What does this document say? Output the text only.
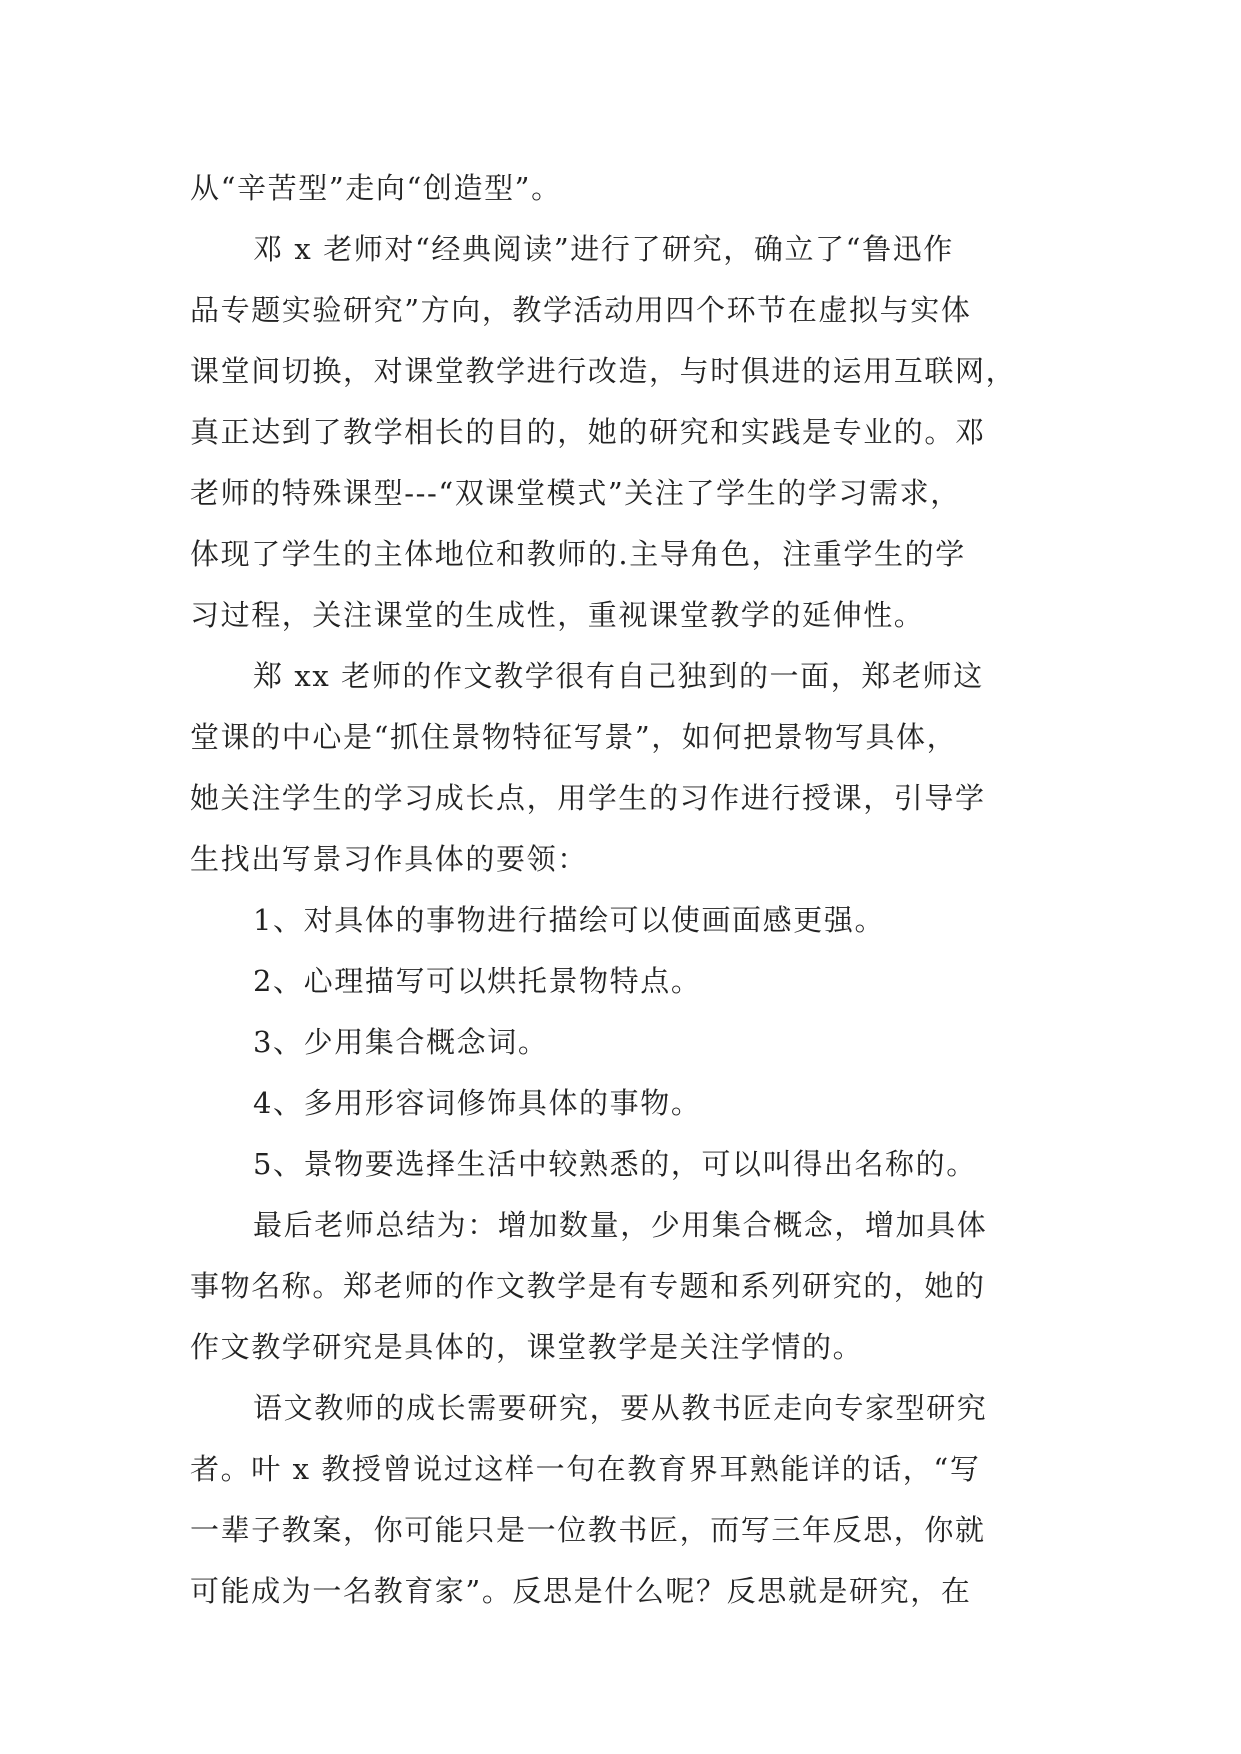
从“辛苦型”走向“创造型”。
邓 x 老师对“经典阅读”进行了研究，确立了“鲁迅作
品专题实验研究”方向，教学活动用四个环节在虚拟与实体
课堂间切换，对课堂教学进行改造，与时俱进的运用互联网，
真正达到了教学相长的目的，她的研究和实践是专业的。邓
老师的特殊课型---“双课堂模式”关注了学生的学习需求，
体现了学生的主体地位和教师的.主导角色，注重学生的学
习过程，关注课堂的生成性，重视课堂教学的延伸性。
郑 xx 老师的作文教学很有自己独到的一面，郑老师这
堂课的中心是“抓住景物特征写景”，如何把景物写具体，
她关注学生的学习成长点，用学生的习作进行授课，引导学
生找出写景习作具体的要领：
1、对具体的事物进行描绘可以使画面感更强。
2、心理描写可以烘托景物特点。
3、少用集合概念词。
4、多用形容词修饰具体的事物。
5、景物要选择生活中较熟悉的，可以叫得出名称的。
最后老师总结为：增加数量，少用集合概念，增加具体
事物名称。郑老师的作文教学是有专题和系列研究的，她的
作文教学研究是具体的，课堂教学是关注学情的。
语文教师的成长需要研究，要从教书匠走向专家型研究
者。叶 x 教授曾说过这样一句在教育界耳熟能详的话，“写
一辈子教案，你可能只是一位教书匠，而写三年反思，你就
可能成为一名教育家”。反思是什么呢？反思就是研究，在
